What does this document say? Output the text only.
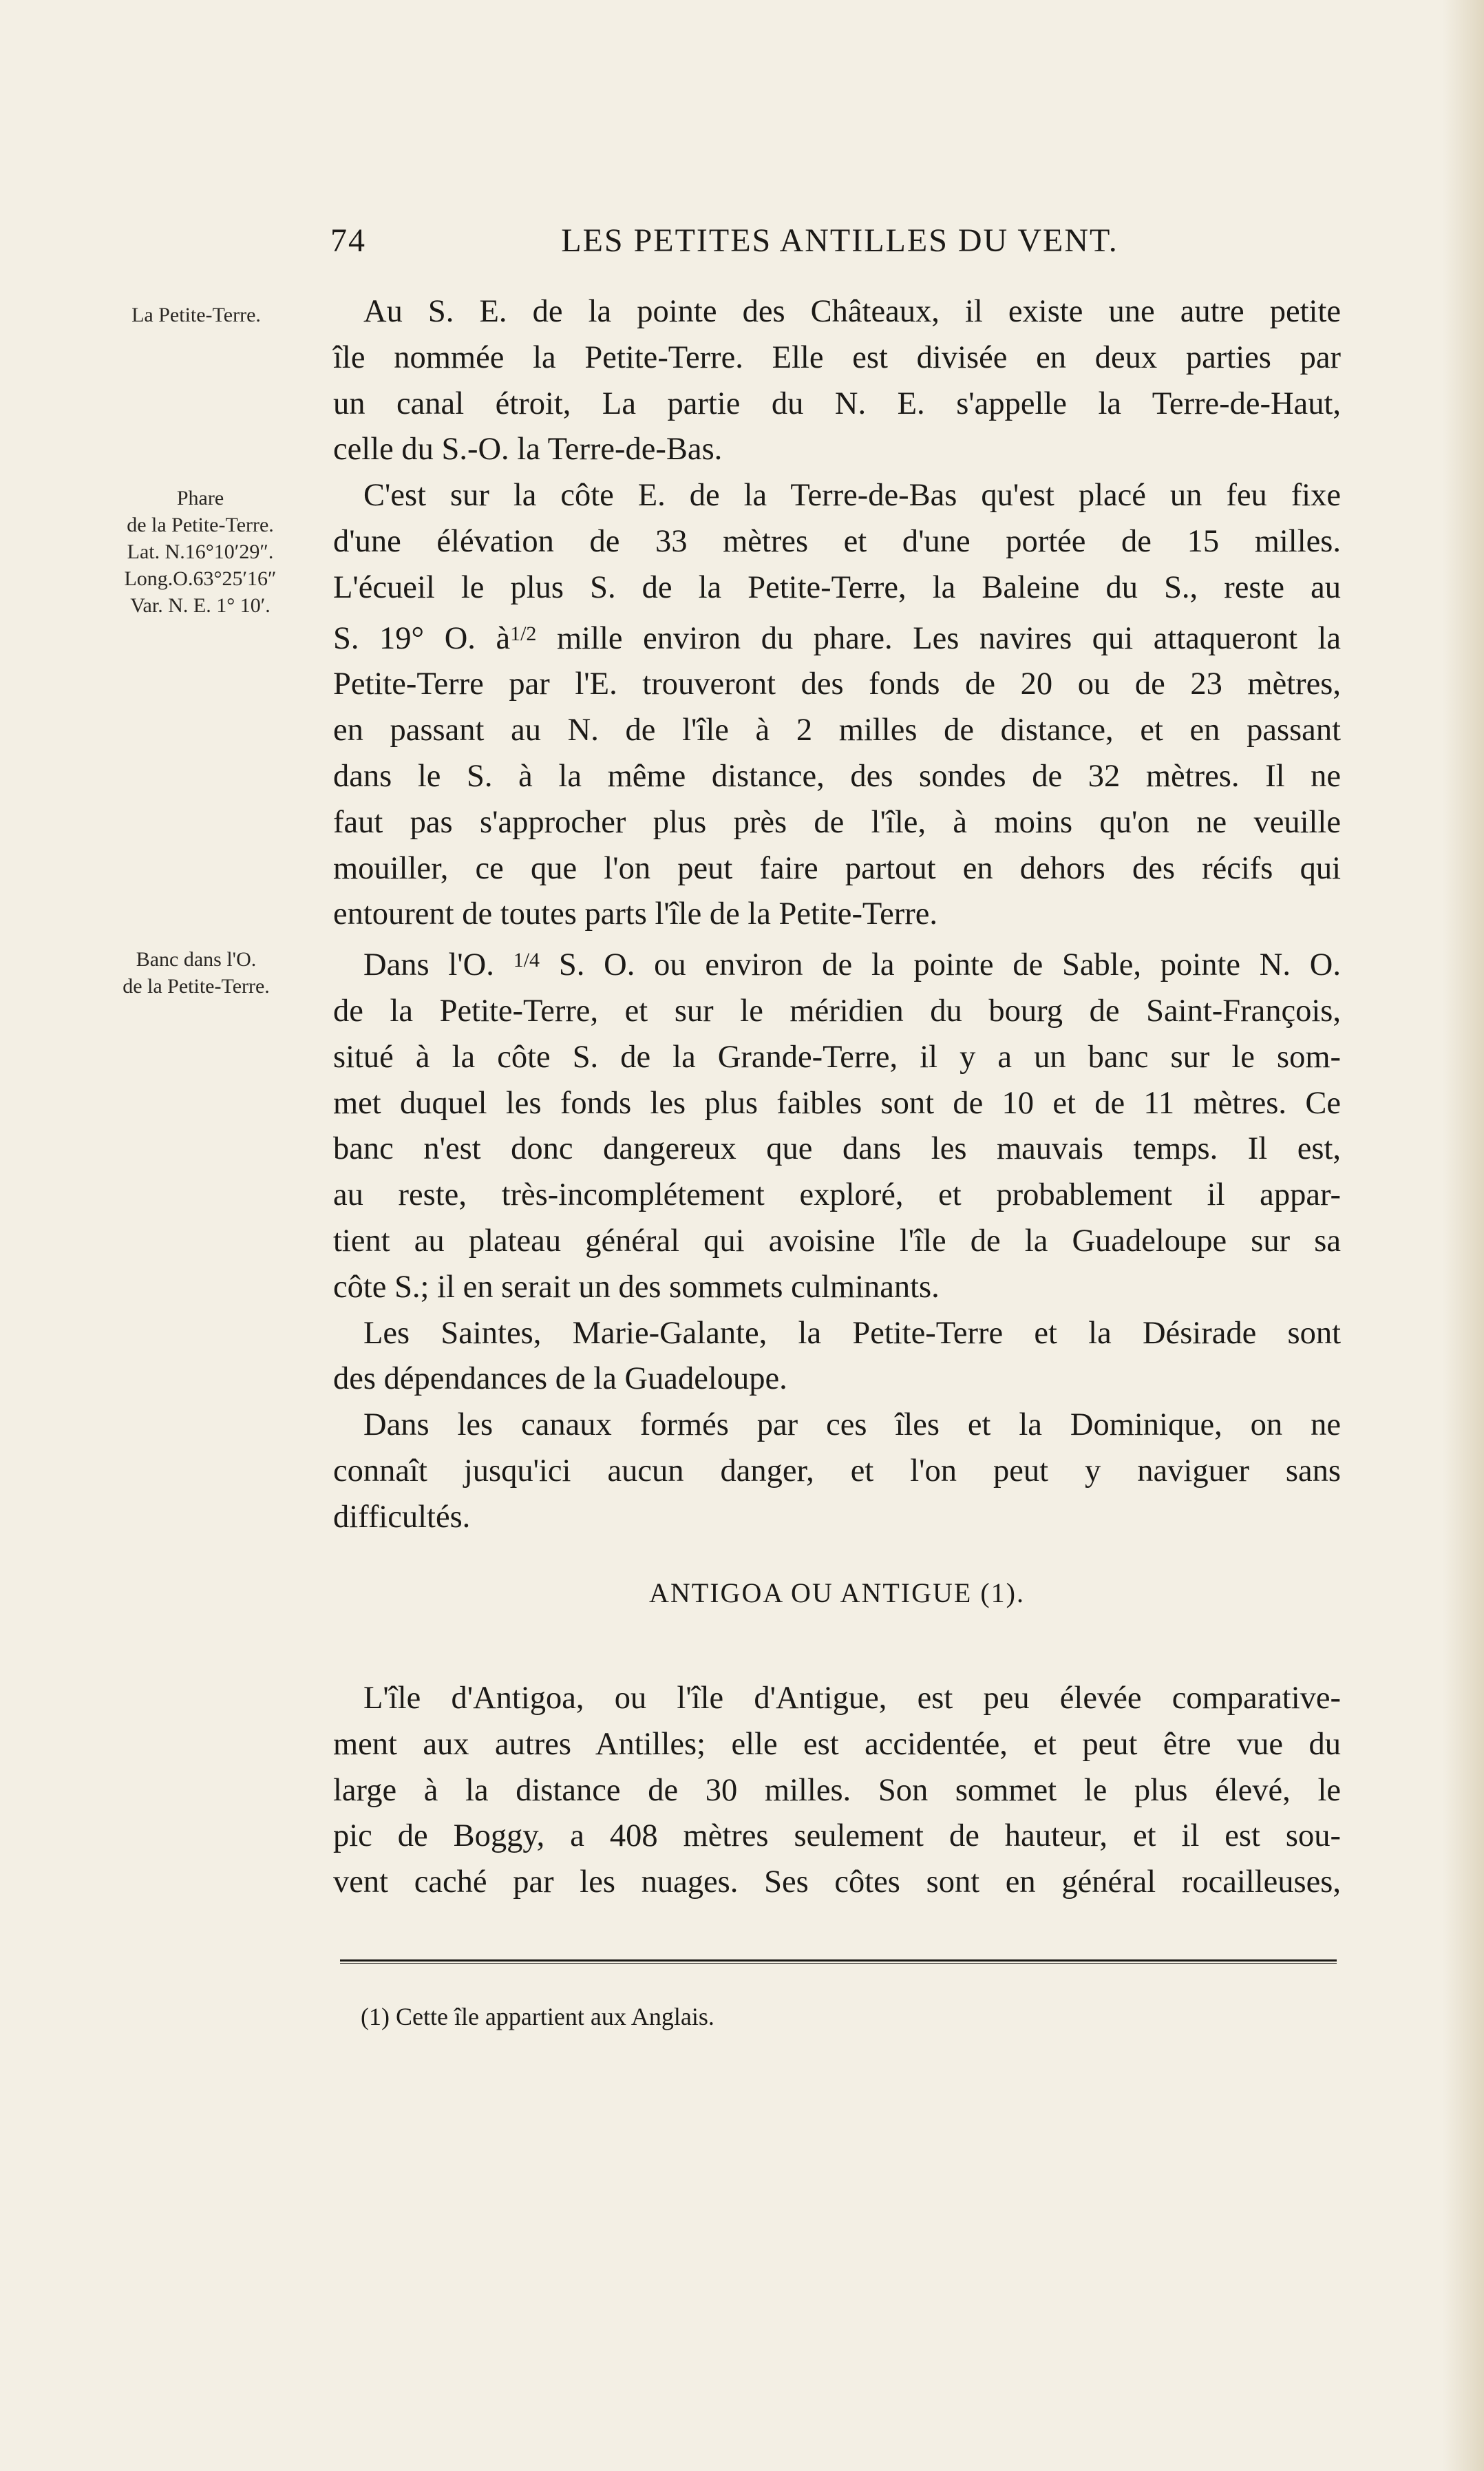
74	LES PETITES ANTILLES DU VENT.
La Petite-Terre.
Phare
de la Petite-Terre.
Lat. N.16°10′29″.
Long.O.63°25′16″
Var. N. E. 1° 10′.
Banc dans l'O.
de la Petite-Terre.
Au S. E. de la pointe des Châteaux, il existe une autre petite
île nommée la Petite-Terre. Elle est divisée en deux parties par
un canal étroit, La partie du N. E. s'appelle la Terre-de-Haut,
celle du S.-O. la Terre-de-Bas.
C'est sur la côte E. de la Terre-de-Bas qu'est placé un feu fixe
d'une élévation de 33 mètres et d'une portée de 15 milles.
L'écueil le plus S. de la Petite-Terre, la Baleine du S., reste au
S. 19° O. $à^{1/2}$ mille environ du phare. Les navires qui attaqueront la
Petite-Terre par l'E. trouveront des fonds de 20 ou de 23 mètres,
en passant au N. de l'île à 2 milles de distance, et en passant
dans le S. à la même distance, des sondes de 32 mètres. Il ne
faut pas s'approcher plus près de l'île, à moins qu'on ne veuille
mouiller, ce que l'on peut faire partout en dehors des récifs qui
entourent de toutes parts l'île de la Petite-Terre.
Dans l'O. $^{1/4}$ S. O. ou environ de la pointe de Sable, pointe N. O.
de la Petite-Terre, et sur le méridien du bourg de Saint-François,
situé à la côte S. de la Grande-Terre, il y a un banc sur le som-
met duquel les fonds les plus faibles sont de 10 et de 11 mètres. Ce
banc n'est donc dangereux que dans les mauvais temps. Il est,
au reste, très-incomplétement exploré, et probablement il appar-
tient au plateau général qui avoisine l'île de la Guadeloupe sur sa
côte S.; il en serait un des sommets culminants.
Les Saintes, Marie-Galante, la Petite-Terre et la Désirade sont
des dépendances de la Guadeloupe.
Dans les canaux formés par ces îles et la Dominique, on ne
connaît jusqu'ici aucun danger, et l'on peut y naviguer sans
difficultés.
ANTIGOA OU ANTIGUE (1).
L'île d'Antigoa, ou l'île d'Antigue, est peu élevée comparative-
ment aux autres Antilles; elle est accidentée, et peut être vue du
large à la distance de 30 milles. Son sommet le plus élevé, le
pic de Boggy, a 408 mètres seulement de hauteur, et il est sou-
vent caché par les nuages. Ses côtes sont en général rocailleuses,
(1) Cette île appartient aux Anglais.
